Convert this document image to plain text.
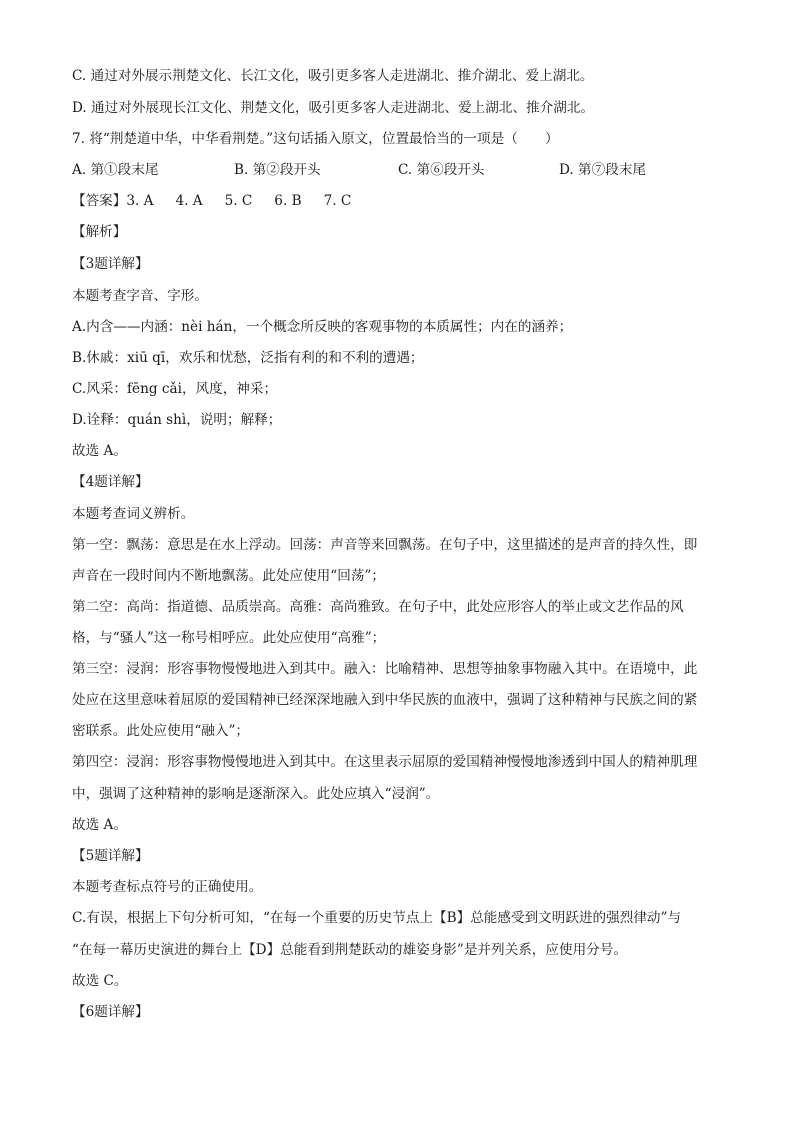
C. 通过对外展示荆楚文化、长江文化，吸引更多客人走进湖北、推介湖北、爱上湖北。
D. 通过对外展现长江文化、荆楚文化，吸引更多客人走进湖北、爱上湖北、推介湖北。
7. 将“荆楚道中华，中华看荆楚。”这句话插入原文，位置最恰当的一项是（　　）
A. 第①段末尾	B. 第②段开头	C. 第⑥段开头	D. 第⑦段末尾
【答案】3. A 4. A 5. C 6. B 7. C
【解析】
【3题详解】
本题考查字音、字形。
A.内含——内涵：nèi hán，一个概念所反映的客观事物的本质属性；内在的涵养；
B.休戚：xiū qī，欢乐和忧愁，泛指有利的和不利的遭遇；
C.风采：fēng cǎi，风度，神采；
D.诠释：quán shì，说明；解释；
故选 A。
【4题详解】
本题考查词义辨析。
第一空：飘荡：意思是在水上浮动。回荡：声音等来回飘荡。在句子中，这里描述的是声音的持久性，即
声音在一段时间内不断地飘荡。此处应使用“回荡”；
第二空：高尚：指道德、品质崇高。高雅：高尚雅致。在句子中，此处应形容人的举止或文艺作品的风
格，与“骚人”这一称号相呼应。此处应使用“高雅”；
第三空：浸润：形容事物慢慢地进入到其中。融入：比喻精神、思想等抽象事物融入其中。在语境中，此
处应在这里意味着屈原的爱国精神已经深深地融入到中华民族的血液中，强调了这种精神与民族之间的紧
密联系。此处应使用“融入”；
第四空：浸润：形容事物慢慢地进入到其中。在这里表示屈原的爱国精神慢慢地渗透到中国人的精神肌理
中，强调了这种精神的影响是逐渐深入。此处应填入“浸润”。
故选 A。
【5题详解】
本题考查标点符号的正确使用。
C.有误，根据上下句分析可知，“在每一个重要的历史节点上【B】总能感受到文明跃进的强烈律动”与
“在每一幕历史演进的舞台上【D】总能看到荆楚跃动的雄姿身影”是并列关系，应使用分号。
故选 C。
【6题详解】
